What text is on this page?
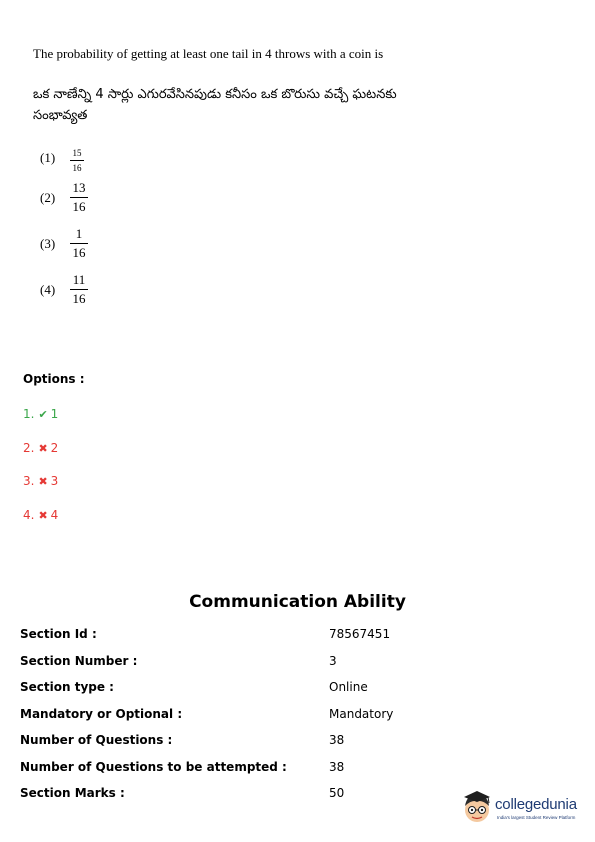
The probability of getting at least one tail in 4 throws with a coin is
ఒక నాణేన్ని 4 సార్లు ఎగురవేసినపుడు కనీసం ఒక బొరుసు వచ్చే ఘటనకు సంభావ్యత
(1)	15
16
(2)
13
16
(3)
1
16
(4)
11
16
Options :
1. ✔ 1
2. ✖ 2
3. ✖ 3
4. ✖ 4
Communication Ability
Section Id :	78567451
Section Number :	3
Section type :	Online
Mandatory or Optional :	Mandatory
Number of Questions :	38
Number of Questions to be attempted :	38
Section Marks :	50
collegedunia
India's largest Student Review Platform
